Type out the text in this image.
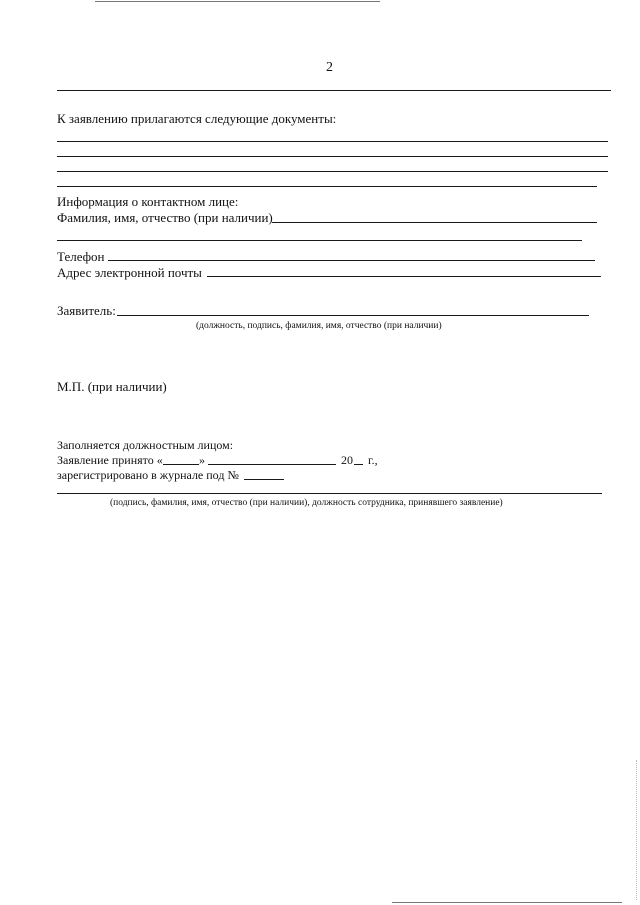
2
К заявлению прилагаются следующие документы:
Информация о контактном лице:
Фамилия, имя, отчество (при наличии)
Телефон
Адрес электронной почты
Заявитель:
(должность, подпись, фамилия, имя, отчество (при наличии)
М.П. (при наличии)
Заполняется должностным лицом:
Заявление принято «	»	20 г.,
зарегистрировано в журнале под №
(подпись, фамилия, имя, отчество (при наличии), должность сотрудника, принявшего заявление)
